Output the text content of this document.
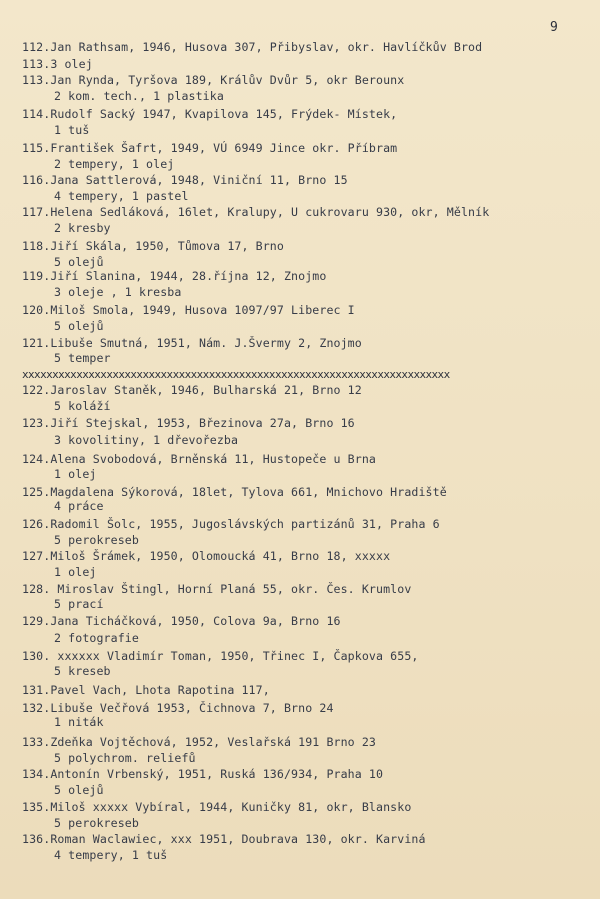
9
112.Jan Rathsam, 1946, Husova 307, Přibyslav, okr. Havlíčkův Brod
113.3 olej
113.Jan Rynda, Tyršova 189, Králův Dvůr 5, okr Berounx
2 kom. tech., 1 plastika
114.Rudolf Sacký 1947, Kvapilova 145, Frýdek- Místek,
1 tuš
115.František Šafrt, 1949, VÚ 6949 Jince okr. Příbram
2 tempery, 1 olej
116.Jana Sattlerová, 1948, Viniční 11, Brno 15
4 tempery, 1 pastel
117.Helena Sedláková, 16let, Kralupy, U cukrovaru 930, okr, Mělník
2 kresby
118.Jiří Skála, 1950, Tůmova 17, Brno
5 olejů
119.Jiří Slanina, 1944, 28.října 12, Znojmo
3 oleje , 1 kresba
120.Miloš Smola, 1949, Husova 1097/97 Liberec I
5 olejů
121.Libuše Smutná, 1951, Nám. J.Švermy 2, Znojmo
5 temper
xxxxxxxxxxxxxxxxxxxxxxxxxxxxxxxxxxxxxxxxxxxxxxxxxxxxxxxxxxxxxxxxxxxxxxx
122.Jaroslav Staněk, 1946, Bulharská 21, Brno 12
5 koláží
123.Jiří Stejskal, 1953, Březinova 27a, Brno 16
3 kovolitiny, 1 dřevořezba
124.Alena Svobodová, Brněnská 11, Hustopeče u Brna
1 olej
125.Magdalena Sýkorová, 18let, Tylova 661, Mnichovo Hradiště
4 práce
126.Radomil Šolc, 1955, Jugoslávských partizánů 31, Praha 6
5 perokreseb
127.Miloš Šrámek, 1950, Olomoucká 41, Brno 18, xxxxx
1 olej
128. Miroslav Štingl, Horní Planá 55, okr. Čes. Krumlov
5 prací
129.Jana Ticháčková, 1950, Colova 9a, Brno 16
2 fotografie
130. xxxxxx Vladimír Toman, 1950, Třinec I, Čapkova 655,
5 kreseb
131.Pavel Vach, Lhota Rapotina 117,
132.Libuše Večřová 1953, Čichnova 7, Brno 24
1 niták
133.Zdeňka Vojtěchová, 1952, Veslařská 191 Brno 23
5 polychrom. reliefů
134.Antonín Vrbenský, 1951, Ruská 136/934, Praha 10
5 olejů
135.Miloš xxxxx Vybíral, 1944, Kuničky 81, okr, Blansko
5 perokreseb
136.Roman Waclawiec, xxx 1951, Doubrava 130, okr. Karviná
4 tempery, 1 tuš
